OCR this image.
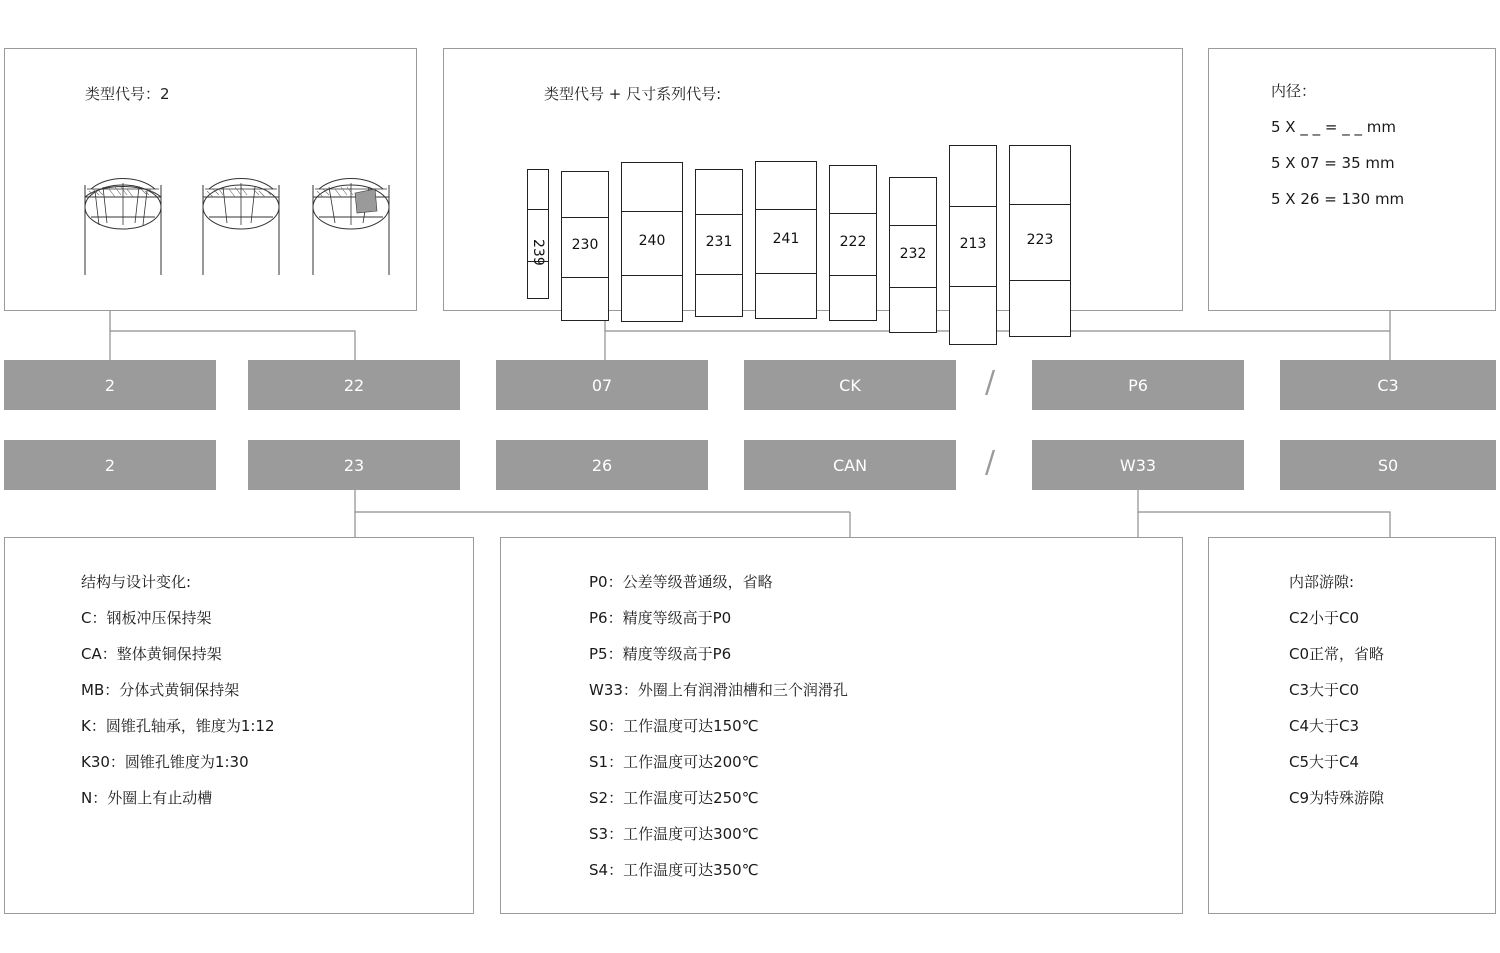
类型代号：2	类型代号 + 尺寸系列代号:
239	230	240	231	241	222
232
213	223
内径：
5 X _ _ = _ _ mm
5 X 07 = 35 mm
5 X 26 = 130 mm
2	22	07	CK	/	P6	C3
2	23	26	CAN	/	W33	S0
结构与设计变化:
C：钢板冲压保持架
CA：整体黄铜保持架
MB：分体式黄铜保持架
K：圆锥孔轴承，锥度为1:12
K30：圆锥孔锥度为1:30
N：外圈上有止动槽
P0：公差等级普通级，省略
P6：精度等级高于P0
P5：精度等级高于P6
W33：外圈上有润滑油槽和三个润滑孔
S0：工作温度可达150℃
S1：工作温度可达200℃
S2：工作温度可达250℃
S3：工作温度可达300℃
S4：工作温度可达350℃
内部游隙:
C2小于C0
C0正常，省略
C3大于C0
C4大于C3
C5大于C4
C9为特殊游隙
